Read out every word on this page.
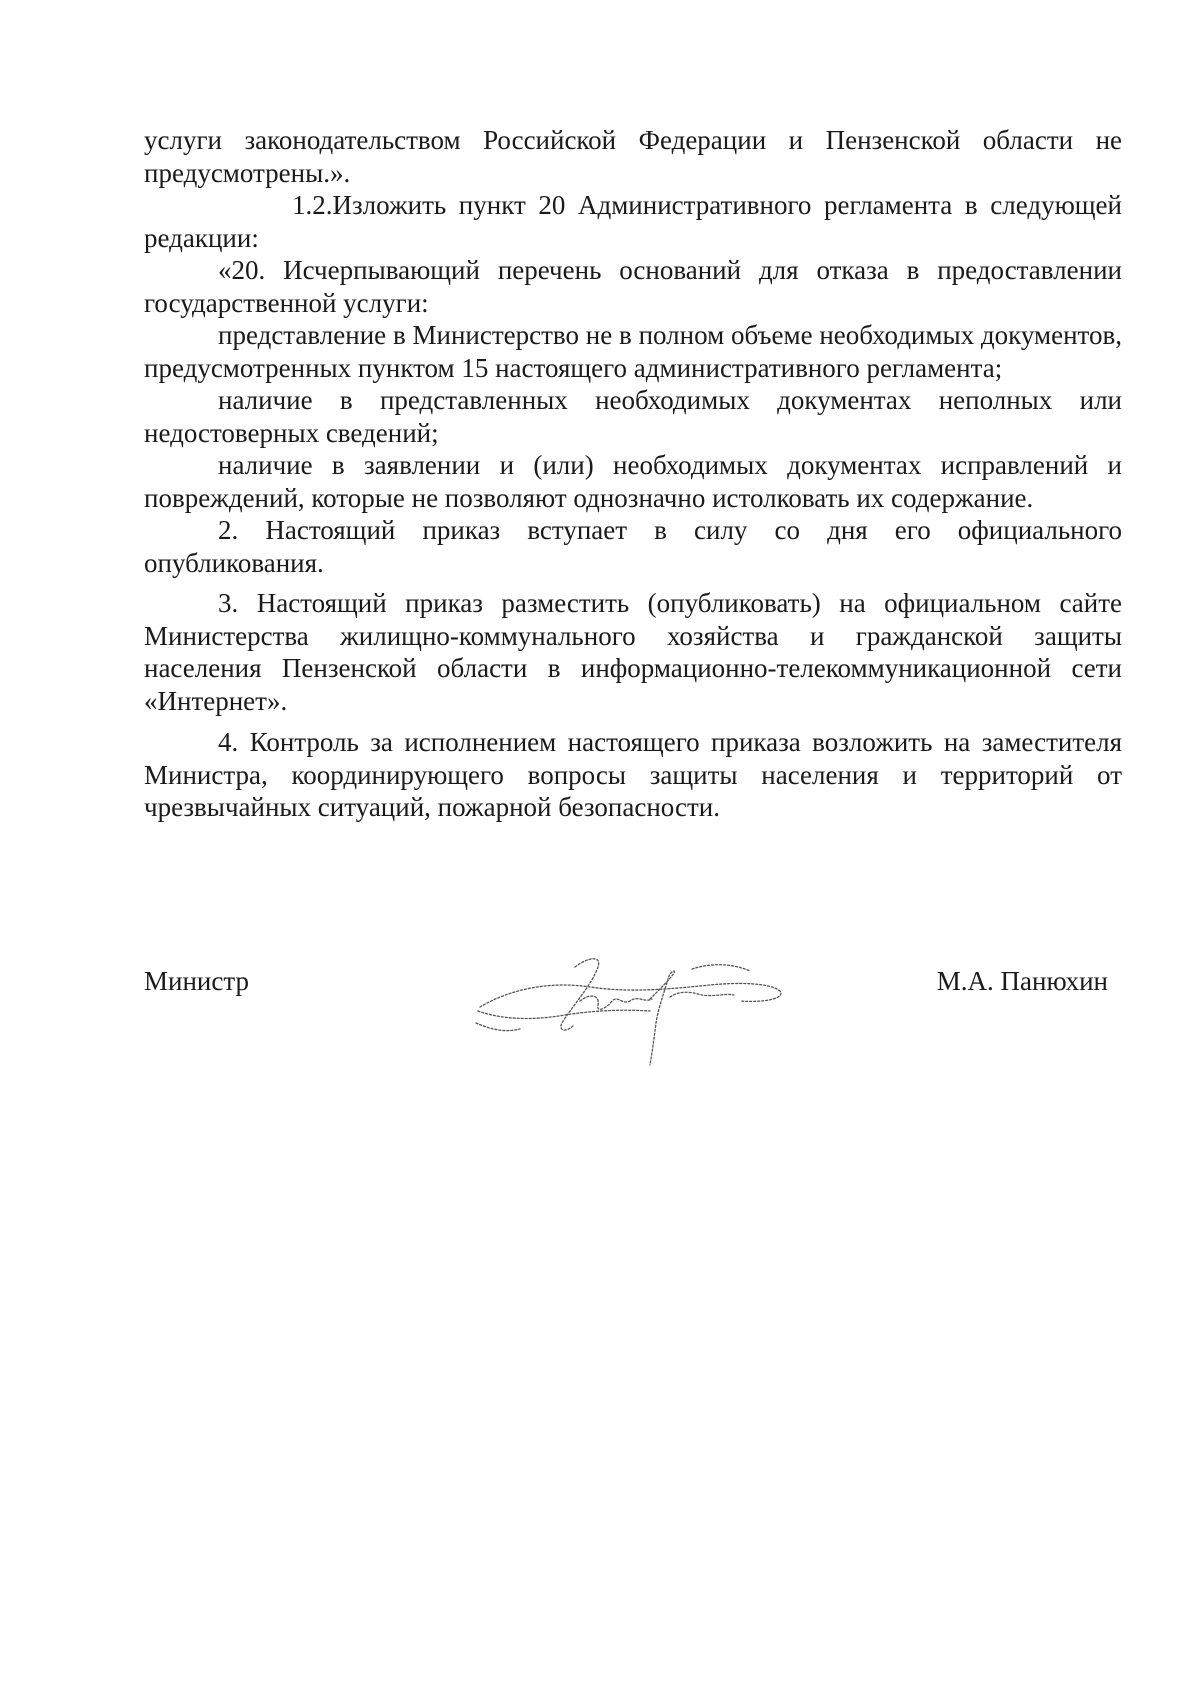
услуги законодательством Российской Федерации и Пензенской области не предусмотрены.».

1.2.Изложить пункт 20 Административного регламента в следующей редакции:

«20. Исчерпывающий перечень оснований для отказа в предоставлении государственной услуги:

представление в Министерство не в полном объеме необходимых документов, предусмотренных пунктом 15 настоящего административного регламента;

наличие в представленных необходимых документах неполных или недостоверных сведений;

наличие в заявлении и (или) необходимых документах исправлений и повреждений, которые не позволяют однозначно истолковать их содержание.

2. Настоящий приказ вступает в силу со дня его официального опубликования.

3. Настоящий приказ разместить (опубликовать) на официальном сайте Министерства жилищно-коммунального хозяйства и гражданской защиты населения Пензенской области в информационно-телекоммуникационной сети «Интернет».

4. Контроль за исполнением настоящего приказа возложить на заместителя Министра, координирующего вопросы защиты населения и территорий от чрезвычайных ситуаций, пожарной безопасности.

Министр	М.А. Панюхин
